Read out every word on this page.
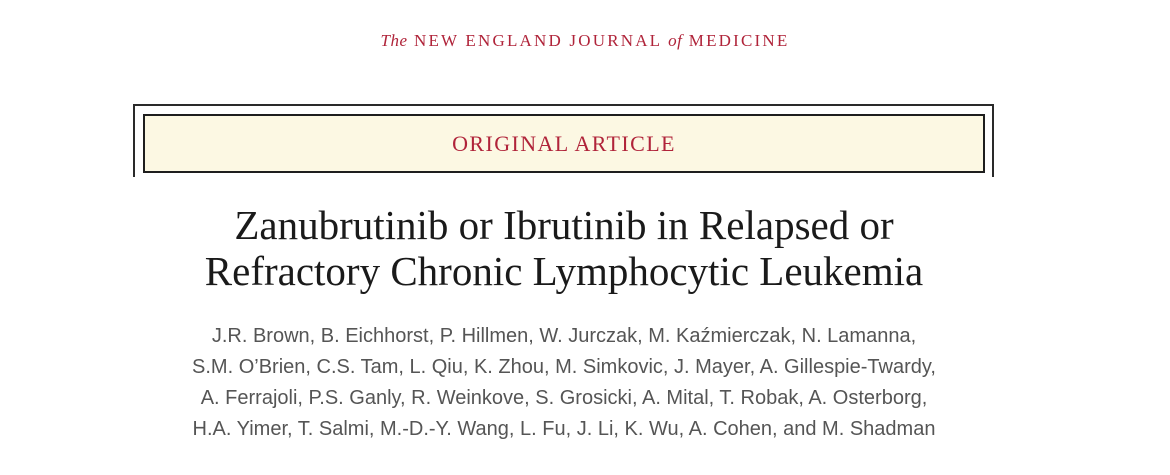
The NEW ENGLAND JOURNAL of MEDICINE
ORIGINAL ARTICLE
Zanubrutinib or Ibrutinib in Relapsed or
Refractory Chronic Lymphocytic Leukemia
J.R. Brown, B. Eichhorst, P. Hillmen, W. Jurczak, M. Kaźmierczak, N. Lamanna,
S.M. O’Brien, C.S. Tam, L. Qiu, K. Zhou, M. Simkovic, J. Mayer, A. Gillespie-Twardy,
A. Ferrajoli, P.S. Ganly, R. Weinkove, S. Grosicki, A. Mital, T. Robak, A. Osterborg,
H.A. Yimer, T. Salmi, M.-D.-Y. Wang, L. Fu, J. Li, K. Wu, A. Cohen, and M. Shadman
